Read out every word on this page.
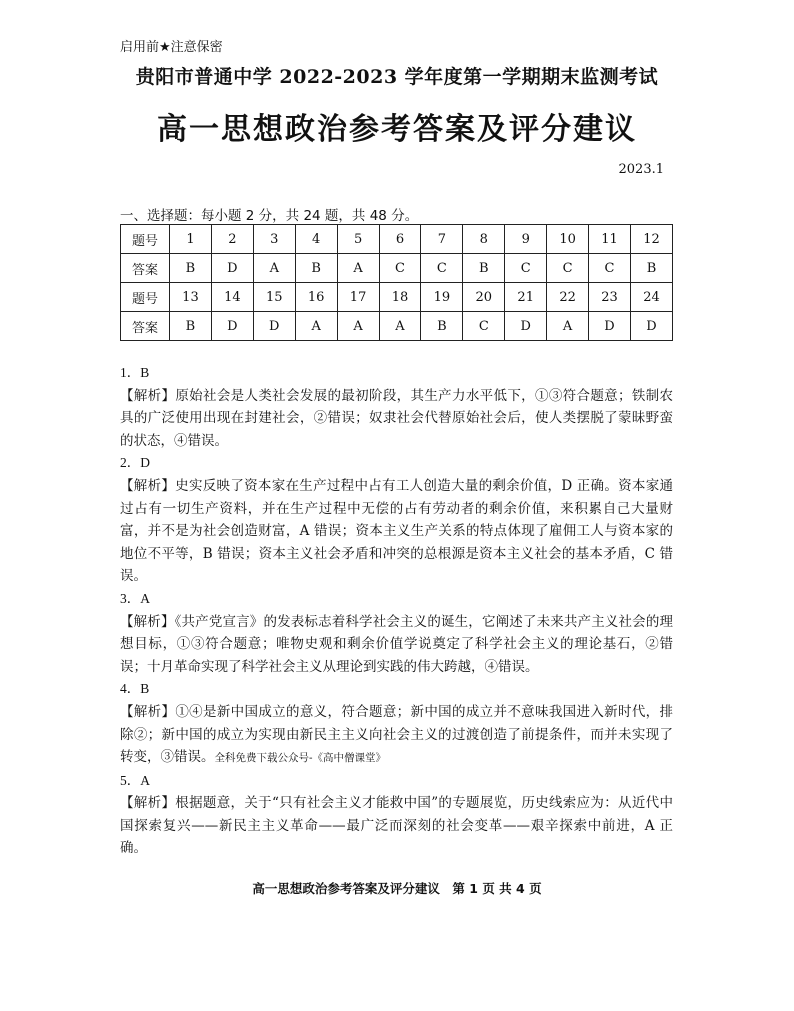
启用前★注意保密
贵阳市普通中学 2022-2023 学年度第一学期期末监测考试
高一思想政治参考答案及评分建议
2023.1
一、选择题：每小题 2 分，共 24 题，共 48 分。
题号	1	2	3	4	5	6	7	8	9	10	11	12
答案	B	D	A	B	A	C	C	B	C	C	C	B
题号	13	14	15	16	17	18	19	20	21	22	23	24
答案	B	D	D	A	A	A	B	C	D	A	D	D
1．B

【解析】原始社会是人类社会发展的最初阶段，其生产力水平低下，①③符合题意；铁制农具的广泛使用出现在封建社会，②错误；奴隶社会代替原始社会后，使人类摆脱了蒙昧野蛮的状态，④错误。

2．D

【解析】史实反映了资本家在生产过程中占有工人创造大量的剩余价值，D 正确。资本家通过占有一切生产资料，并在生产过程中无偿的占有劳动者的剩余价值，来积累自己大量财富，并不是为社会创造财富，A 错误；资本主义生产关系的特点体现了雇佣工人与资本家的地位不平等，B 错误；资本主义社会矛盾和冲突的总根源是资本主义社会的基本矛盾，C 错误。

3．A

【解析】《共产党宣言》的发表标志着科学社会主义的诞生，它阐述了未来共产主义社会的理想目标，①③符合题意；唯物史观和剩余价值学说奠定了科学社会主义的理论基石，②错误；十月革命实现了科学社会主义从理论到实践的伟大跨越，④错误。

4．B

【解析】①④是新中国成立的意义，符合题意；新中国的成立并不意味我国进入新时代，排除②；新中国的成立为实现由新民主主义向社会主义的过渡创造了前提条件，而并未实现了转变，③错误。全科免费下载公众号-《高中僧课堂》

5．A

【解析】根据题意，关于“只有社会主义才能救中国”的专题展览，历史线索应为：从近代中国探索复兴——新民主主义革命——最广泛而深刻的社会变革——艰辛探索中前进，A 正确。

高一思想政治参考答案及评分建议　第 1 页 共 4 页
